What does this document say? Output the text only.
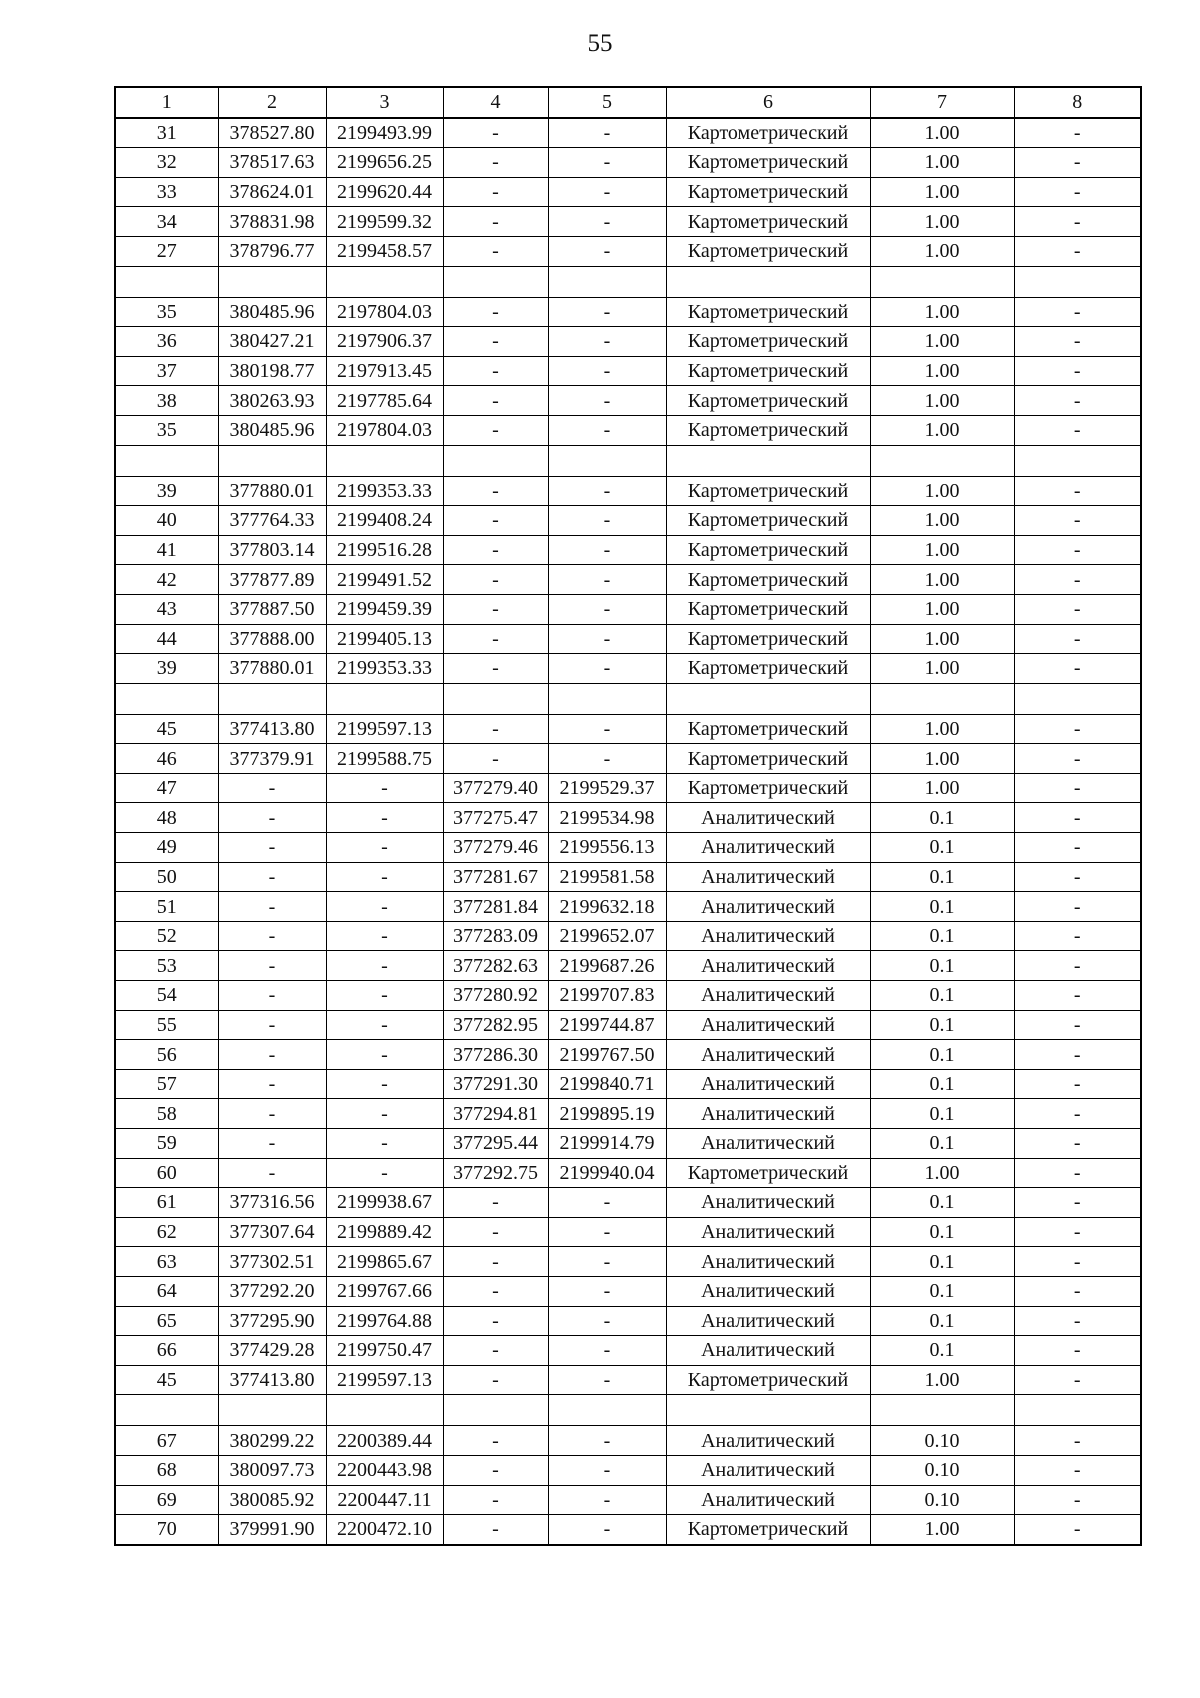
55
1	2	3	4	5	6	7	8
31	378527.80	2199493.99	-	-	Картометрический	1.00	-
32	378517.63	2199656.25	-	-	Картометрический	1.00	-
33	378624.01	2199620.44	-	-	Картометрический	1.00	-
34	378831.98	2199599.32	-	-	Картометрический	1.00	-
27	378796.77	2199458.57	-	-	Картометрический	1.00	-

35	380485.96	2197804.03	-	-	Картометрический	1.00	-
36	380427.21	2197906.37	-	-	Картометрический	1.00	-
37	380198.77	2197913.45	-	-	Картометрический	1.00	-
38	380263.93	2197785.64	-	-	Картометрический	1.00	-
35	380485.96	2197804.03	-	-	Картометрический	1.00	-

39	377880.01	2199353.33	-	-	Картометрический	1.00	-
40	377764.33	2199408.24	-	-	Картометрический	1.00	-
41	377803.14	2199516.28	-	-	Картометрический	1.00	-
42	377877.89	2199491.52	-	-	Картометрический	1.00	-
43	377887.50	2199459.39	-	-	Картометрический	1.00	-
44	377888.00	2199405.13	-	-	Картометрический	1.00	-
39	377880.01	2199353.33	-	-	Картометрический	1.00	-

45	377413.80	2199597.13	-	-	Картометрический	1.00	-
46	377379.91	2199588.75	-	-	Картометрический	1.00	-
47	-	-	377279.40	2199529.37	Картометрический	1.00	-
48	-	-	377275.47	2199534.98	Аналитический	0.1	-
49	-	-	377279.46	2199556.13	Аналитический	0.1	-
50	-	-	377281.67	2199581.58	Аналитический	0.1	-
51	-	-	377281.84	2199632.18	Аналитический	0.1	-
52	-	-	377283.09	2199652.07	Аналитический	0.1	-
53	-	-	377282.63	2199687.26	Аналитический	0.1	-
54	-	-	377280.92	2199707.83	Аналитический	0.1	-
55	-	-	377282.95	2199744.87	Аналитический	0.1	-
56	-	-	377286.30	2199767.50	Аналитический	0.1	-
57	-	-	377291.30	2199840.71	Аналитический	0.1	-
58	-	-	377294.81	2199895.19	Аналитический	0.1	-
59	-	-	377295.44	2199914.79	Аналитический	0.1	-
60	-	-	377292.75	2199940.04	Картометрический	1.00	-
61	377316.56	2199938.67	-	-	Аналитический	0.1	-
62	377307.64	2199889.42	-	-	Аналитический	0.1	-
63	377302.51	2199865.67	-	-	Аналитический	0.1	-
64	377292.20	2199767.66	-	-	Аналитический	0.1	-
65	377295.90	2199764.88	-	-	Аналитический	0.1	-
66	377429.28	2199750.47	-	-	Аналитический	0.1	-
45	377413.80	2199597.13	-	-	Картометрический	1.00	-

67	380299.22	2200389.44	-	-	Аналитический	0.10	-
68	380097.73	2200443.98	-	-	Аналитический	0.10	-
69	380085.92	2200447.11	-	-	Аналитический	0.10	-
70	379991.90	2200472.10	-	-	Картометрический	1.00	-
